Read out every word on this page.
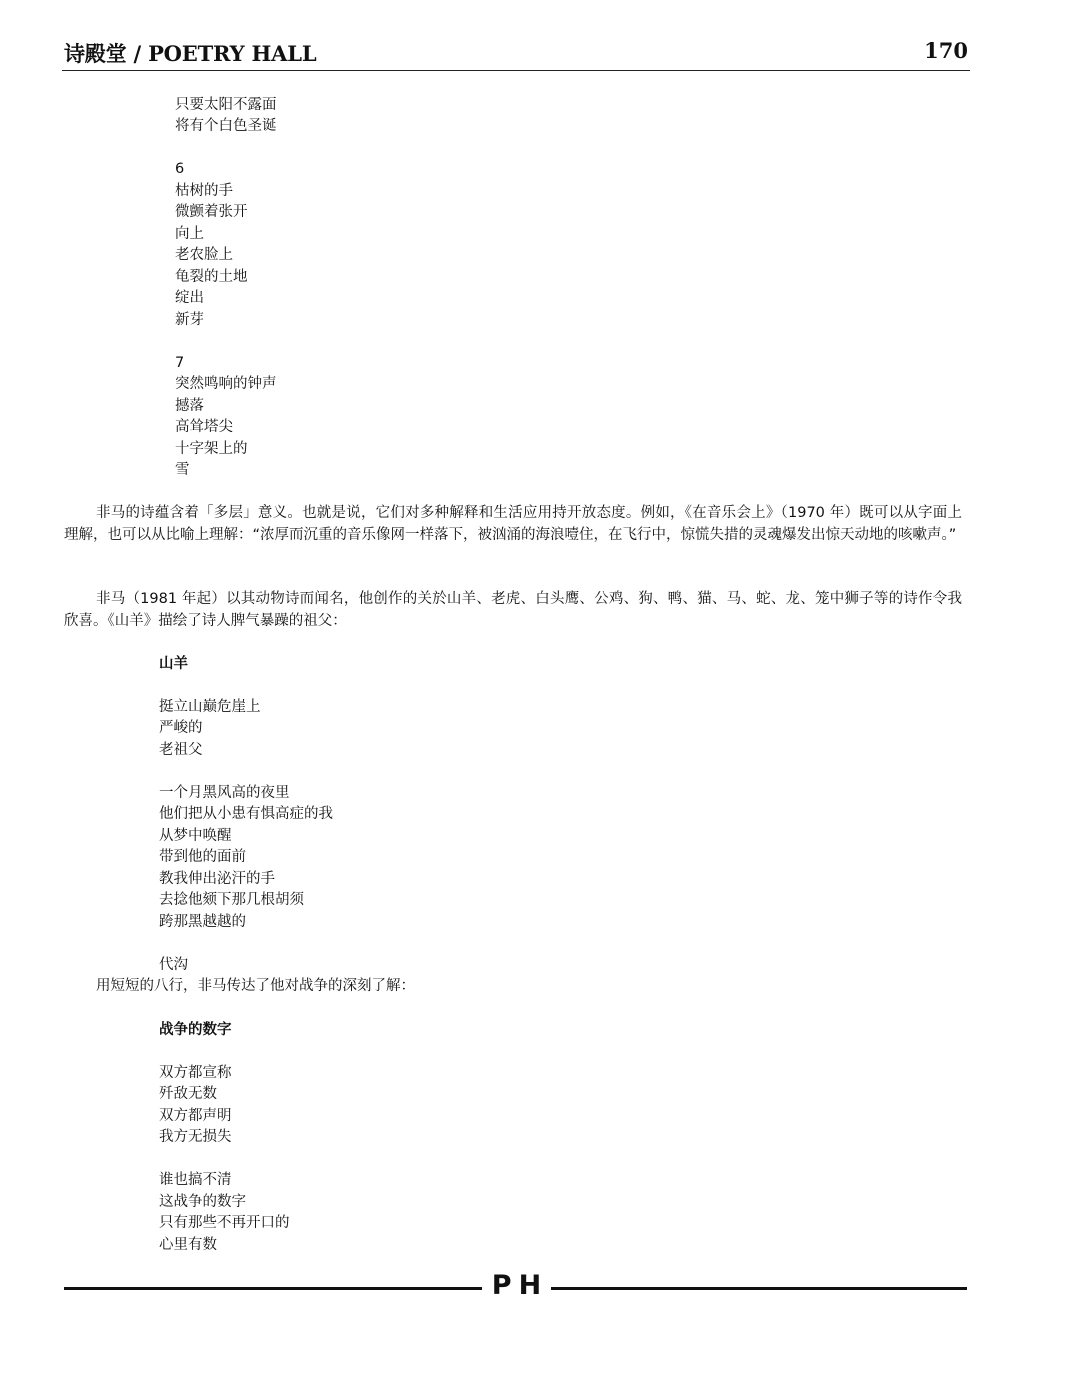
诗殿堂 / POETRY HALL	170
只要太阳不露面
将有个白色圣诞
6
枯树的手
微颤着张开
向上
老农脸上
龟裂的土地
绽出
新芽
7
突然鸣响的钟声
撼落
高耸塔尖
十字架上的
雪
非马的诗蕴含着「多层」意义。也就是说，它们对多种解释和生活应用持开放态度。例如，《在音乐会上》（1970 年）既可以从字面上理解，也可以从比喻上理解：“浓厚而沉重的音乐像网一样落下，被汹涌的海浪噎住，在飞行中，惊慌失措的灵魂爆发出惊天动地的咳嗽声。”
非马（1981 年起）以其动物诗而闻名，他创作的关於山羊、老虎、白头鹰、公鸡、狗、鸭、猫、马、蛇、龙、笼中狮子等的诗作令我欣喜。《山羊》描绘了诗人脾气暴躁的祖父：
山羊
挺立山巅危崖上
严峻的
老祖父
一个月黑风高的夜里
他们把从小患有惧高症的我
从梦中唤醒
带到他的面前
教我伸出泌汗的手
去捻他颏下那几根胡须
跨那黑越越的
代沟
用短短的八行，非马传达了他对战争的深刻了解：
战争的数字
双方都宣称
歼敌无数
双方都声明
我方无损失
谁也搞不清
这战争的数字
只有那些不再开口的
心里有数
PH
